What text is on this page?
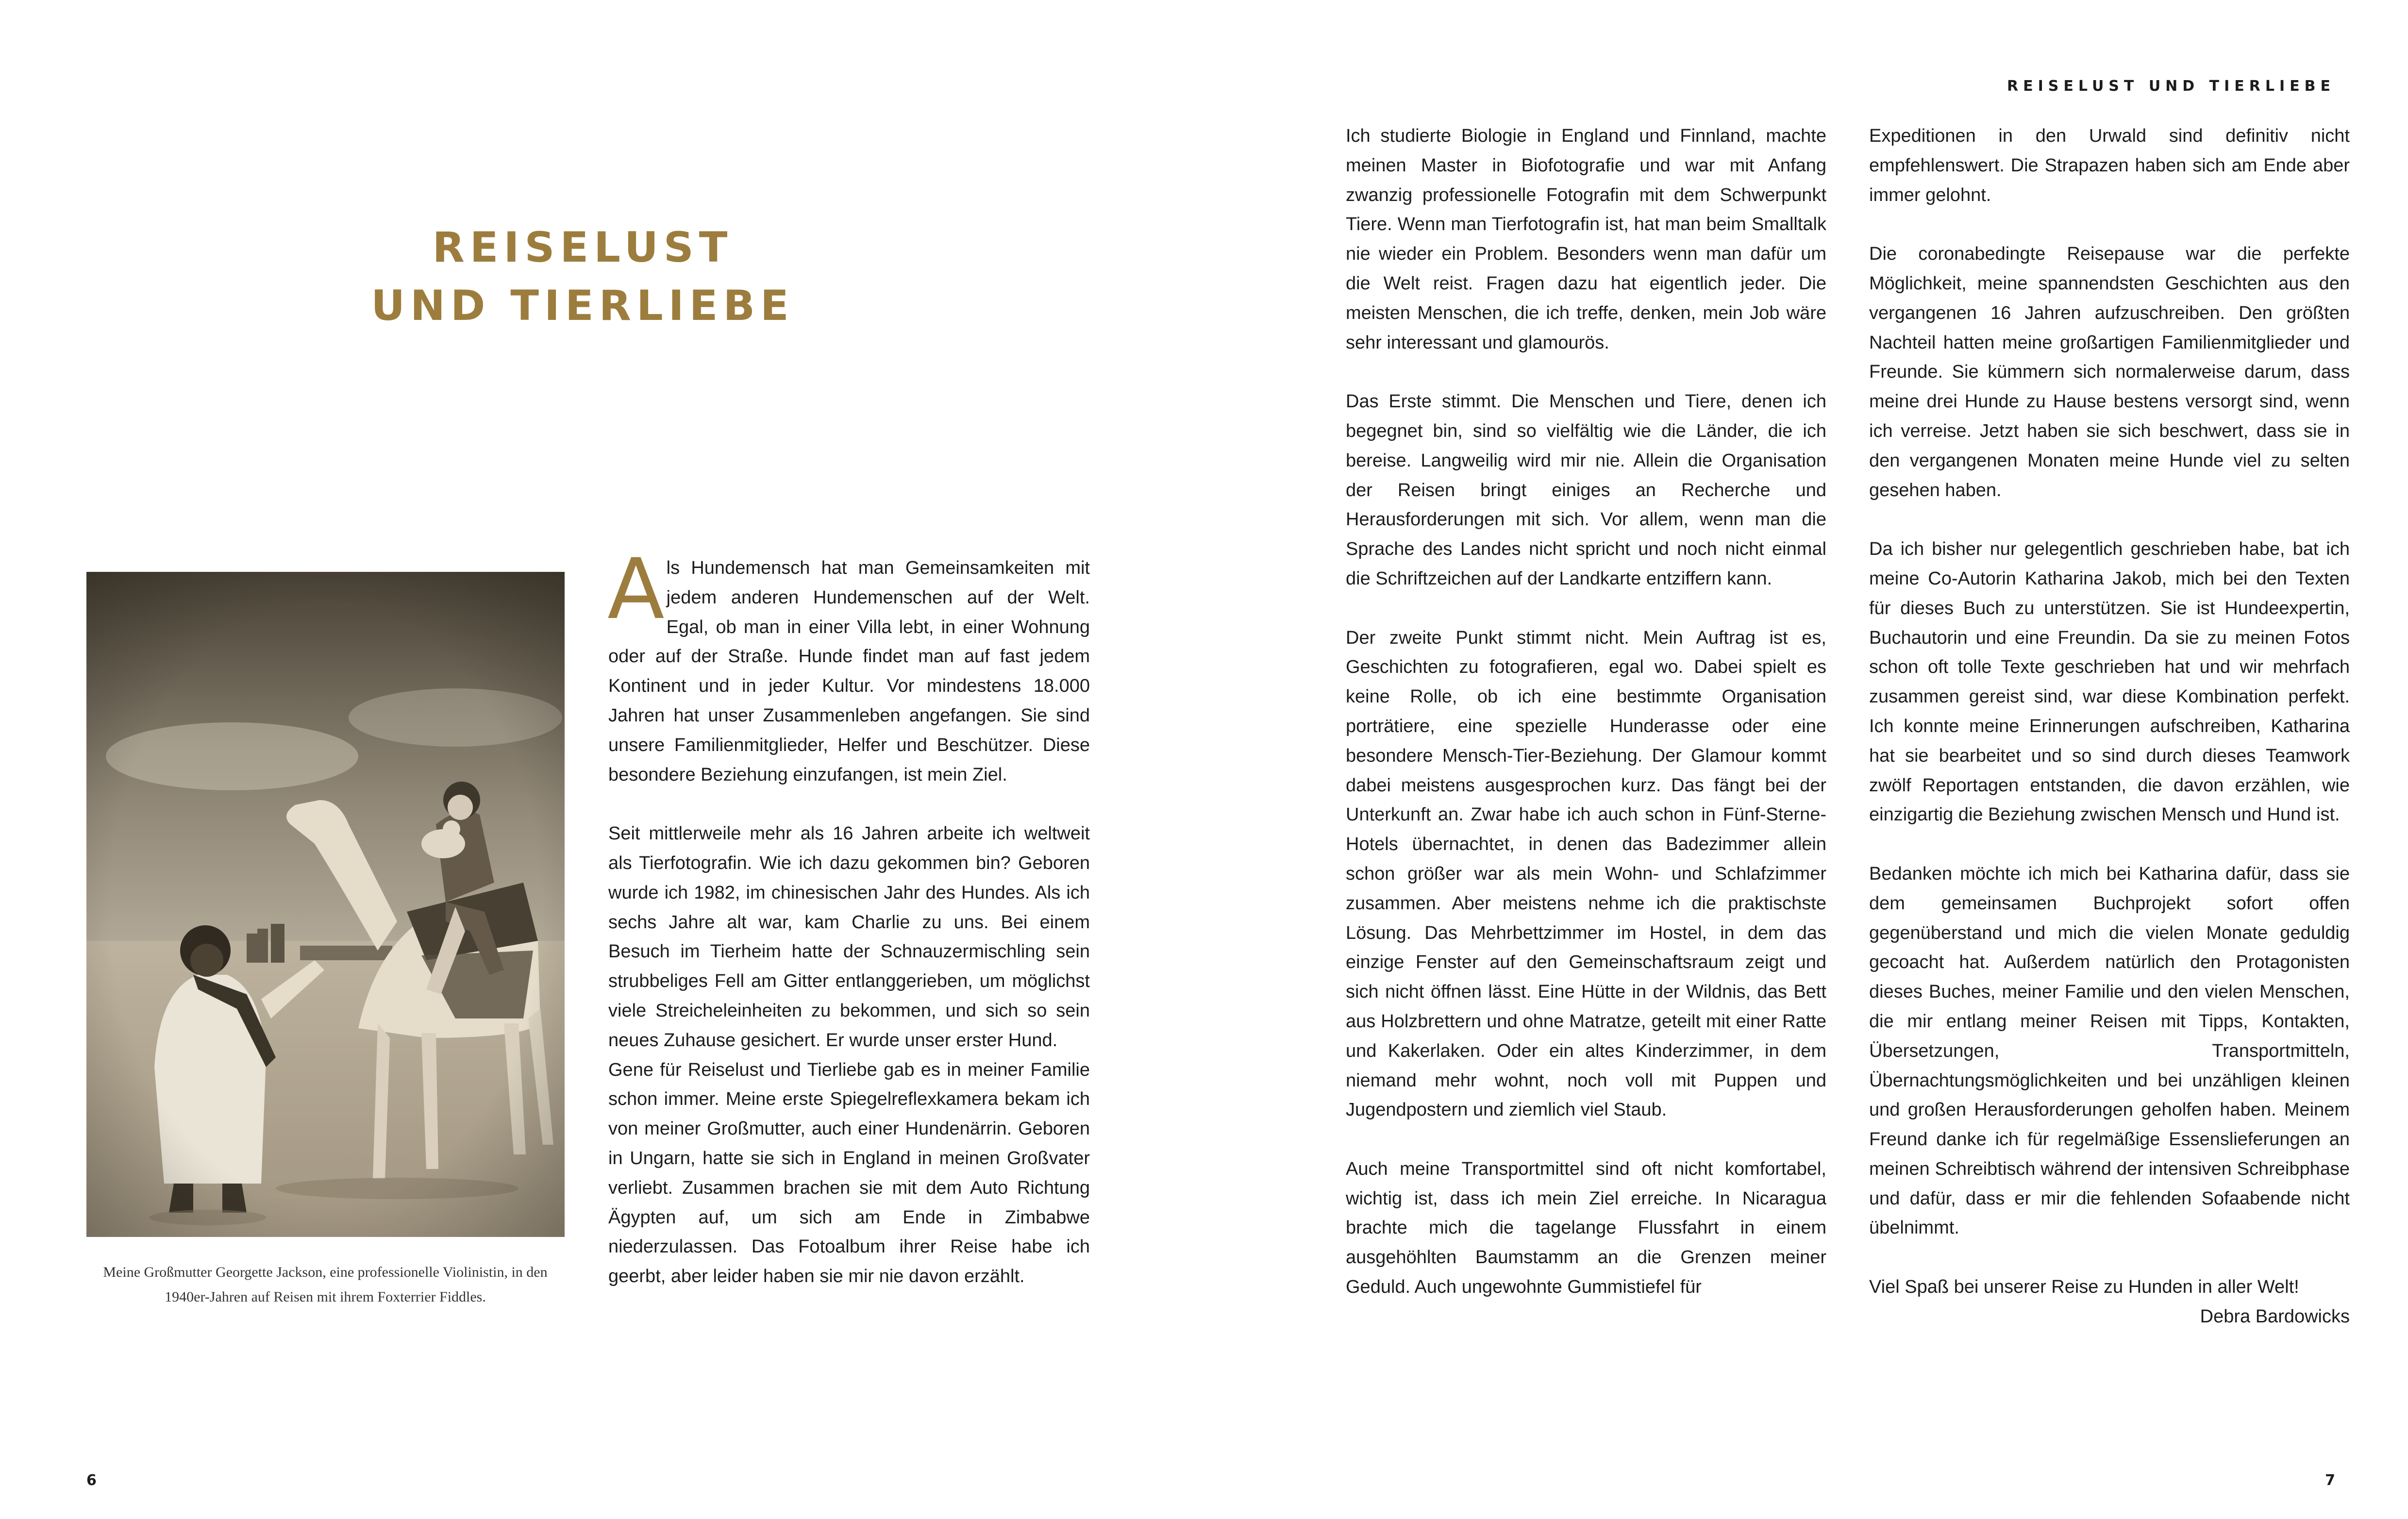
REISELUST UND TIERLIEBE
REISELUST
UND TIERLIEBE
Meine Großmutter Georgette Jackson, eine professionelle Violinistin, in den 1940er-Jahren auf Reisen mit ihrem Foxterrier Fiddles.

Als Hundemensch hat man Gemeinsamkeiten mit jedem anderen Hundemenschen auf der Welt. Egal, ob man in einer Villa lebt, in einer Wohnung oder auf der Straße. Hunde findet man auf fast jedem Kontinent und in jeder Kultur. Vor mindestens 18.000 Jahren hat unser Zusammenleben angefangen. Sie sind unsere Familienmitglieder, Helfer und Beschützer. Diese besondere Beziehung einzufangen, ist mein Ziel.

Seit mittlerweile mehr als 16 Jahren arbeite ich weltweit als Tierfotografin. Wie ich dazu gekommen bin? Geboren wurde ich 1982, im chinesischen Jahr des Hundes. Als ich sechs Jahre alt war, kam Charlie zu uns. Bei einem Besuch im Tierheim hatte der Schnauzermischling sein strubbeliges Fell am Gitter entlanggerieben, um möglichst viele Streicheleinheiten zu bekommen, und sich so sein neues Zuhause gesichert. Er wurde unser erster Hund.

Gene für Reiselust und Tierliebe gab es in meiner Familie schon immer. Meine erste Spiegelreflexkamera bekam ich von meiner Großmutter, auch einer Hundenärrin. Geboren in Ungarn, hatte sie sich in England in meinen Großvater verliebt. Zusammen brachen sie mit dem Auto Richtung Ägypten auf, um sich am Ende in Zimbabwe niederzulassen. Das Fotoalbum ihrer Reise habe ich geerbt, aber leider haben sie mir nie davon erzählt.

Ich studierte Biologie in England und Finnland, machte meinen Master in Biofotografie und war mit Anfang zwanzig professionelle Fotografin mit dem Schwerpunkt Tiere. Wenn man Tierfotografin ist, hat man beim Smalltalk nie wieder ein Problem. Besonders wenn man dafür um die Welt reist. Fragen dazu hat eigentlich jeder. Die meisten Menschen, die ich treffe, denken, mein Job wäre sehr interessant und glamourös.

Das Erste stimmt. Die Menschen und Tiere, denen ich begegnet bin, sind so vielfältig wie die Länder, die ich bereise. Langweilig wird mir nie. Allein die Organisation der Reisen bringt einiges an Recherche und Herausforderungen mit sich. Vor allem, wenn man die Sprache des Landes nicht spricht und noch nicht einmal die Schriftzeichen auf der Landkarte entziffern kann.

Der zweite Punkt stimmt nicht. Mein Auftrag ist es, Geschichten zu fotografieren, egal wo. Dabei spielt es keine Rolle, ob ich eine bestimmte Organisation porträtiere, eine spezielle Hunderasse oder eine besondere Mensch-Tier-Beziehung. Der Glamour kommt dabei meistens ausgesprochen kurz. Das fängt bei der Unterkunft an. Zwar habe ich auch schon in Fünf-Sterne-Hotels übernachtet, in denen das Badezimmer allein schon größer war als mein Wohn- und Schlafzimmer zusammen. Aber meistens nehme ich die praktischste Lösung. Das Mehrbettzimmer im Hostel, in dem das einzige Fenster auf den Gemeinschaftsraum zeigt und sich nicht öffnen lässt. Eine Hütte in der Wildnis, das Bett aus Holzbrettern und ohne Matratze, geteilt mit einer Ratte und Kakerlaken. Oder ein altes Kinderzimmer, in dem niemand mehr wohnt, noch voll mit Puppen und Jugendpostern und ziemlich viel Staub.

Auch meine Transportmittel sind oft nicht komfortabel, wichtig ist, dass ich mein Ziel erreiche. In Nicaragua brachte mich die tagelange Flussfahrt in einem ausgehöhlten Baumstamm an die Grenzen meiner Geduld. Auch ungewohnte Gummistiefel für

Expeditionen in den Urwald sind definitiv nicht empfehlenswert. Die Strapazen haben sich am Ende aber immer gelohnt.

Die coronabedingte Reisepause war die perfekte Möglichkeit, meine spannendsten Geschichten aus den vergangenen 16 Jahren aufzuschreiben. Den größten Nachteil hatten meine großartigen Familienmitglieder und Freunde. Sie kümmern sich normalerweise darum, dass meine drei Hunde zu Hause bestens versorgt sind, wenn ich verreise. Jetzt haben sie sich beschwert, dass sie in den vergangenen Monaten meine Hunde viel zu selten gesehen haben.

Da ich bisher nur gelegentlich geschrieben habe, bat ich meine Co-Autorin Katharina Jakob, mich bei den Texten für dieses Buch zu unterstützen. Sie ist Hundeexpertin, Buchautorin und eine Freundin. Da sie zu meinen Fotos schon oft tolle Texte geschrieben hat und wir mehrfach zusammen gereist sind, war diese Kombination perfekt. Ich konnte meine Erinnerungen aufschreiben, Katharina hat sie bearbeitet und so sind durch dieses Teamwork zwölf Reportagen entstanden, die davon erzählen, wie einzigartig die Beziehung zwischen Mensch und Hund ist.

Bedanken möchte ich mich bei Katharina dafür, dass sie dem gemeinsamen Buchprojekt sofort offen gegenüberstand und mich die vielen Monate geduldig gecoacht hat. Außerdem natürlich den Protagonisten dieses Buches, meiner Familie und den vielen Menschen, die mir entlang meiner Reisen mit Tipps, Kontakten, Übersetzungen, Transportmitteln, Übernachtungsmöglichkeiten und bei unzähligen kleinen und großen Herausforderungen geholfen haben. Meinem Freund danke ich für regelmäßige Essenslieferungen an meinen Schreibtisch während der intensiven Schreibphase und dafür, dass er mir die fehlenden Sofaabende nicht übelnimmt.

Viel Spaß bei unserer Reise zu Hunden in aller Welt!

Debra Bardowicks

6	7
